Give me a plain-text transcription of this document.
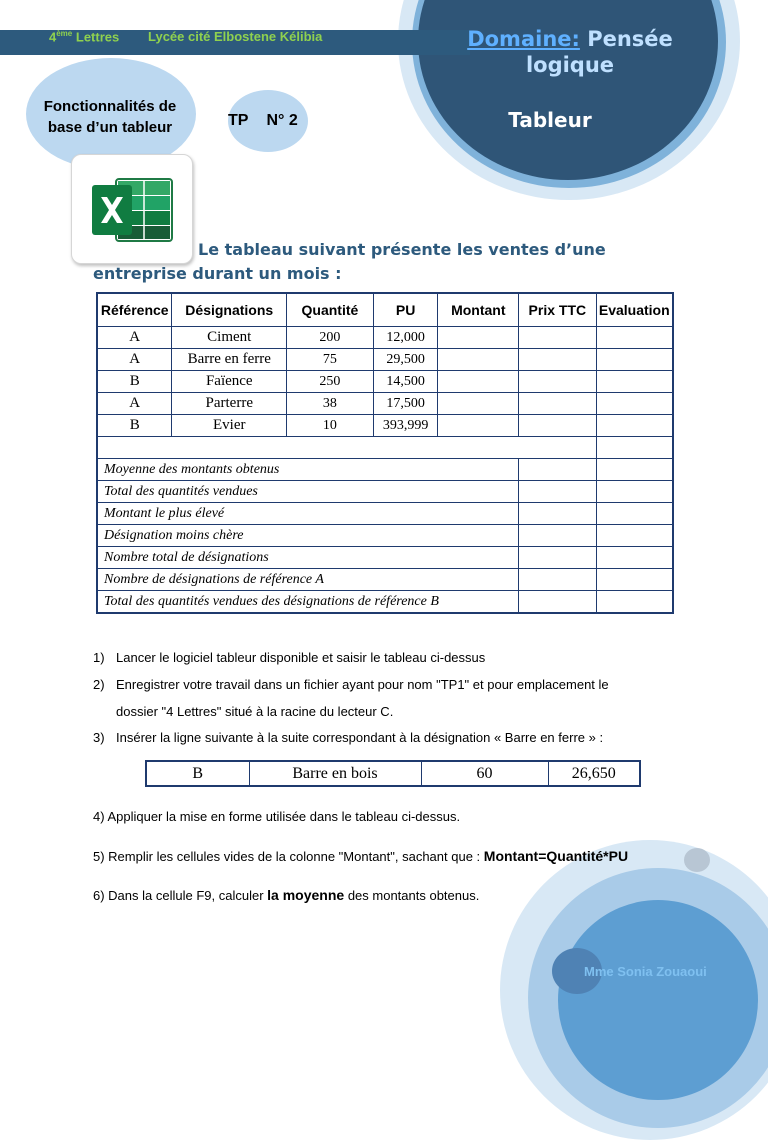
4ème Lettres Lycée cité Elbostene Kélibia	Domaine: Pensée logique
Tableur
Fonctionnalités de base d’un tableur	TP N° 2
Le tableau suivant présente les ventes d’une
entreprise durant un mois :
Référence	Désignations	Quantité	PU	Montant	Prix TTC	Evaluation
A	Ciment	200	12,000			
A	Barre en ferre	75	29,500			
B	Faïence	250	14,500			
A	Parterre	38	17,500			
B	Evier	10	393,999			

Moyenne des montants obtenus						
Total des quantités vendues						
Montant le plus élevé						
Désignation moins chère						
Nombre total de désignations						
Nombre de désignations de référence A						
Total des quantités vendues des désignations de référence B						
1) Lancer le logiciel tableur disponible et saisir le tableau ci-dessus
2) Enregistrer votre travail dans un fichier ayant pour nom "TP1" et pour emplacement le
dossier "4 Lettres" situé à la racine du lecteur C.
3) Insérer la ligne suivante à la suite correspondant à la désignation « Barre en ferre » :
B	Barre en bois	60	26,650
4) Appliquer la mise en forme utilisée dans le tableau ci-dessus.
5) Remplir les cellules vides de la colonne "Montant", sachant que : Montant=Quantité*PU
6) Dans la cellule F9, calculer la moyenne des montants obtenus.
Mme Sonia Zouaoui
